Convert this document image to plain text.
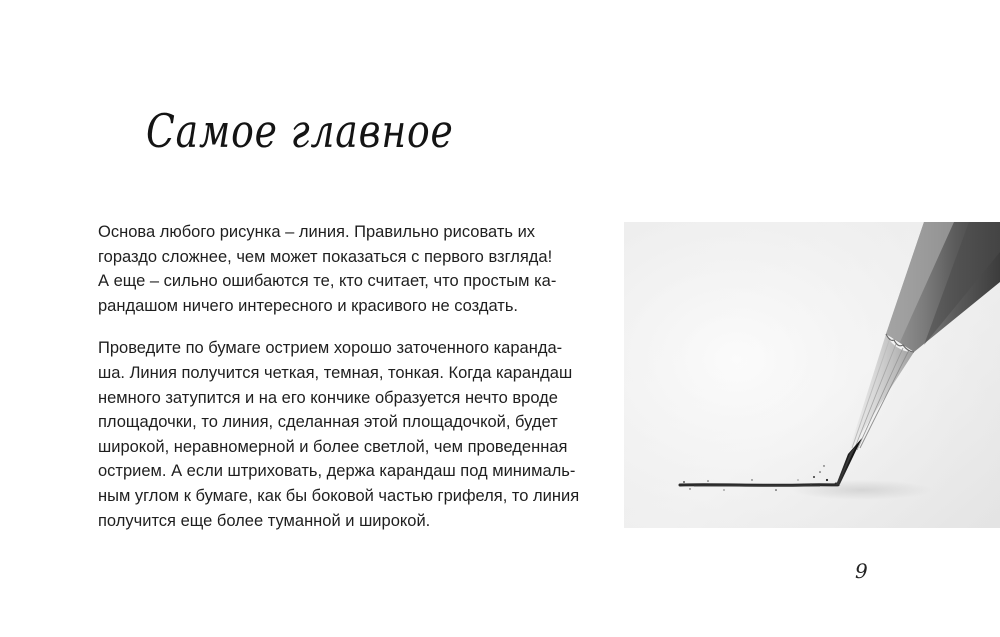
Самое главное

Основа любого рисунка – линия. Правильно рисовать их
гораздо сложнее, чем может показаться с первого взгляда!
А еще – сильно ошибаются те, кто считает, что простым ка-
рандашом ничего интересного и красивого не создать.

Проведите по бумаге острием хорошо заточенного каранда-
ша. Линия получится четкая, темная, тонкая. Когда карандаш
немного затупится и на его кончике образуется нечто вроде
площадочки, то линия, сделанная этой площадочкой, будет
широкой, неравномерной и более светлой, чем проведенная
острием. А если штриховать, держа карандаш под минималь-
ным углом к бумаге, как бы боковой частью грифеля, то линия
получится еще более туманной и широкой.

9
